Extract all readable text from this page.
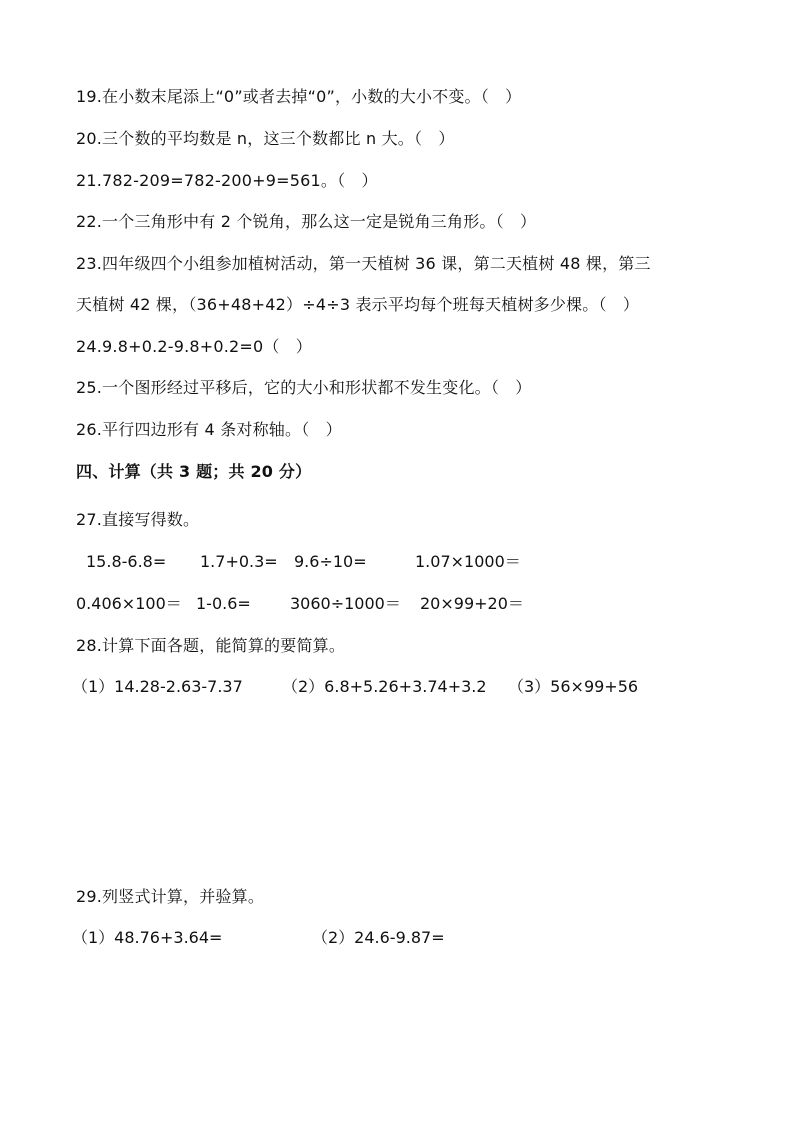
19.在小数末尾添上“0”或者去掉“0”，小数的大小不变。（　）
20.三个数的平均数是 n，这三个数都比 n 大。（　）
21.782-209=782-200+9=561。（　）
22.一个三角形中有 2 个锐角，那么这一定是锐角三角形。（　）
23.四年级四个小组参加植树活动，第一天植树 36 课，第二天植树 48 棵，第三
天植树 42 棵，（36+48+42）÷4÷3 表示平均每个班每天植树多少棵。（　）
24.9.8+0.2-9.8+0.2=0（　）
25.一个图形经过平移后，它的大小和形状都不发生变化。（　）
26.平行四边形有 4 条对称轴。（　）
四、计算（共 3 题；共 20 分）
27.直接写得数。
15.8-6.8= 1.7+0.3= 9.6÷10=	1.07×1000＝
0.406×100＝ 1-0.6= 3060÷1000＝ 20×99+20＝
28.计算下面各题，能简算的要简算。
（1）14.28-2.63-7.37 （2）6.8+5.26+3.74+3.2 （3）56×99+56
29.列竖式计算，并验算。
（1）48.76+3.64=	（2）24.6-9.87=
